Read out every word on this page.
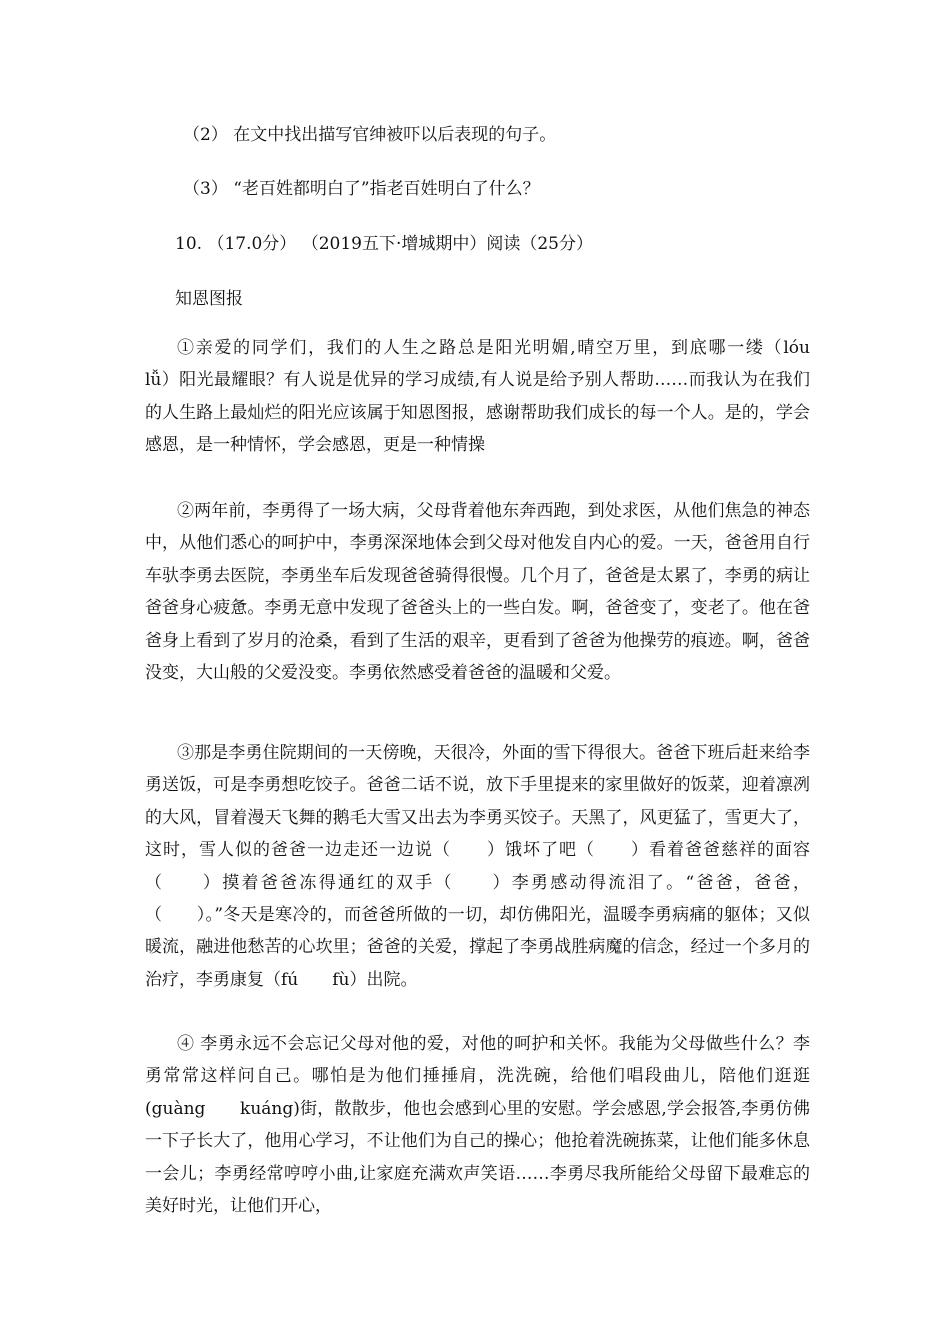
（2） 在文中找出描写官绅被吓以后表现的句子。

（3） “老百姓都明白了”指老百姓明白了什么？

10. （17.0分） （2019五下·增城期中）阅读（25分）

知恩图报

①亲爱的同学们，我们的人生之路总是阳光明媚,晴空万里，到底哪一缕（lóu　　lǚ）阳光最耀眼？有人说是优异的学习成绩,有人说是给予别人帮助……而我认为在我们的人生路上最灿烂的阳光应该属于知恩图报，感谢帮助我们成长的每一个人。是的，学会感恩，是一种情怀，学会感恩，更是一种情操

②两年前，李勇得了一场大病，父母背着他东奔西跑，到处求医，从他们焦急的神态中，从他们悉心的呵护中，李勇深深地体会到父母对他发自内心的爱。一天，爸爸用自行车驮李勇去医院，李勇坐车后发现爸爸骑得很慢。几个月了，爸爸是太累了，李勇的病让爸爸身心疲惫。李勇无意中发现了爸爸头上的一些白发。啊，爸爸变了，变老了。他在爸爸身上看到了岁月的沧桑，看到了生活的艰辛，更看到了爸爸为他操劳的痕迹。啊，爸爸没变，大山般的父爱没变。李勇依然感受着爸爸的温暖和父爱。

③那是李勇住院期间的一天傍晚，天很冷，外面的雪下得很大。爸爸下班后赶来给李勇送饭，可是李勇想吃饺子。爸爸二话不说，放下手里提来的家里做好的饭菜，迎着凛冽的大风，冒着漫天飞舞的鹅毛大雪又出去为李勇买饺子。天黑了，风更猛了，雪更大了，这时，雪人似的爸爸一边走还一边说（　　）饿坏了吧（　　）看着爸爸慈祥的面容（　　）摸着爸爸冻得通红的双手（　　）李勇感动得流泪了。“爸爸，爸爸，（　　）。”冬天是寒冷的，而爸爸所做的一切，却仿佛阳光，温暖李勇病痛的躯体；又似暖流，融进他愁苦的心坎里；爸爸的关爱，撑起了李勇战胜病魔的信念，经过一个多月的治疗，李勇康复（fú　　fù）出院。

④ 李勇永远不会忘记父母对他的爱，对他的呵护和关怀。我能为父母做些什么？李勇常常这样问自己。哪怕是为他们捶捶肩，洗洗碗，给他们唱段曲儿，陪他们逛逛(guàng　　kuáng)街，散散步，他也会感到心里的安慰。学会感恩,学会报答,李勇仿佛一下子长大了，他用心学习，不让他们为自己的操心；他抢着洗碗拣菜，让他们能多休息一会儿；李勇经常哼哼小曲,让家庭充满欢声笑语……李勇尽我所能给父母留下最难忘的美好时光，让他们开心，
